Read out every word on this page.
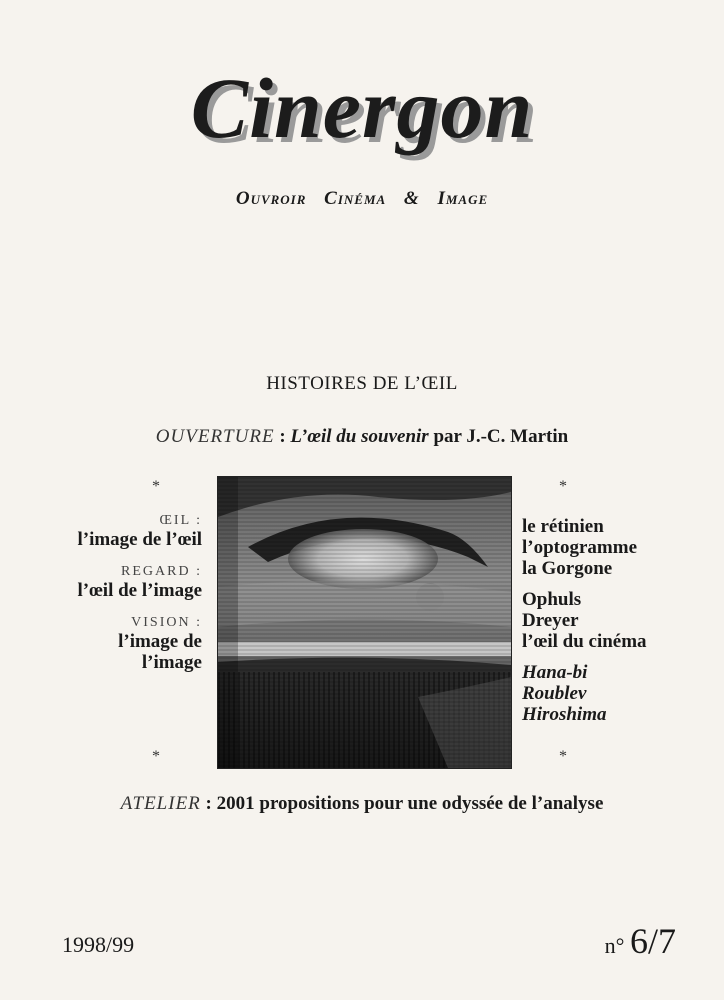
Cinergon
Ouvroir Cinéma & Image
HISTOIRES DE L’ŒIL
OUVERTURE : L’œil du souvenir par J.-C. Martin
*	*
*	*
ŒIL :
l’image de l’œil
REGARD :
l’œil de l’image
VISION :
l’image de
l’image
le rétinien
l’optogramme
la Gorgone
Ophuls
Dreyer
l’œil du cinéma
Hana-bi
Roublev
Hiroshima
ATELIER : 2001 propositions pour une odyssée de l’analyse
1998/99	n° 6/7
